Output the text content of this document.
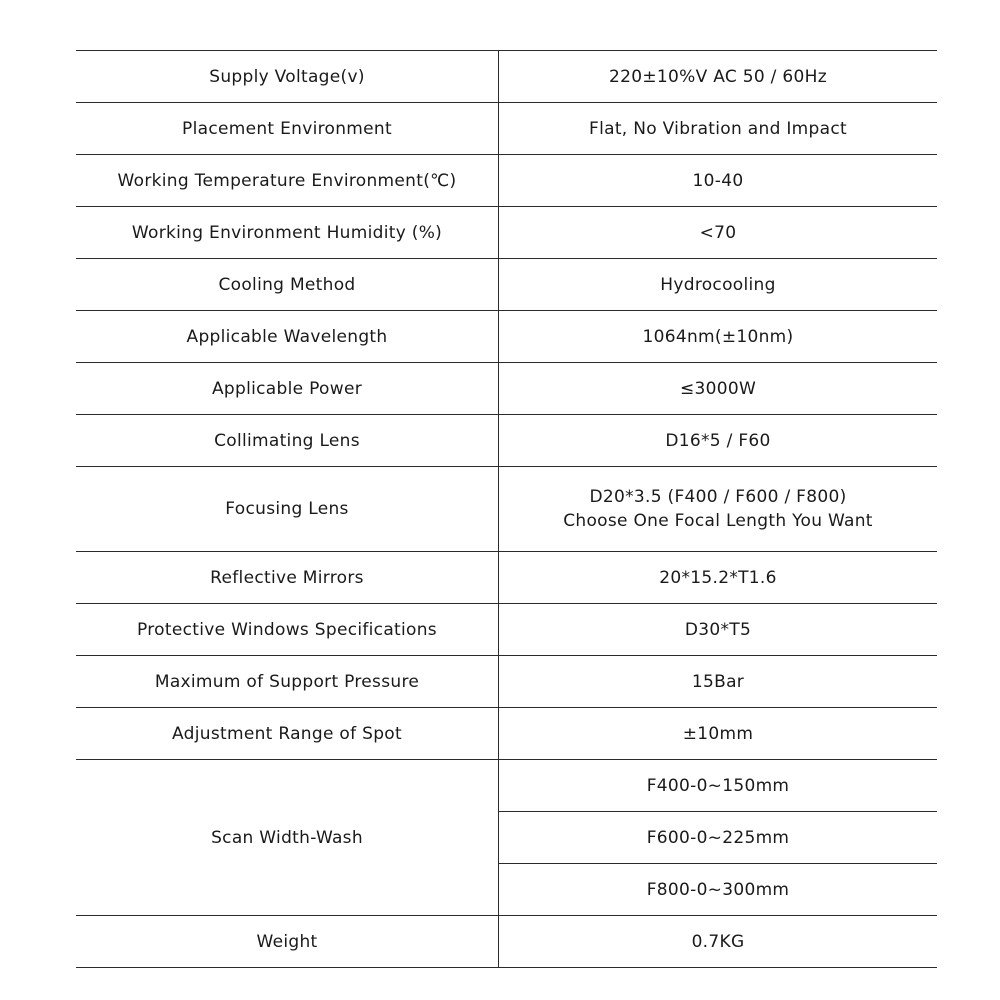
Supply Voltage(v)	220±10%V AC 50 / 60Hz
Placement Environment	Flat, No Vibration and Impact
Working Temperature Environment(℃)	10-40
Working Environment Humidity (%)	<70
Cooling Method	Hydrocooling
Applicable Wavelength	1064nm(±10nm)
Applicable Power	≤3000W
Collimating Lens	D16*5 / F60
Focusing Lens	D20*3.5 (F400 / F600 / F800)
Choose One Focal Length You Want

Reflective Mirrors	20*15.2*T1.6
Protective Windows Specifications	D30*T5
Maximum of Support Pressure	15Bar
Adjustment Range of Spot	±10mm
Scan Width-Wash	F400-0~150mm
	F600-0~225mm
	F800-0~300mm
Weight	0.7KG
